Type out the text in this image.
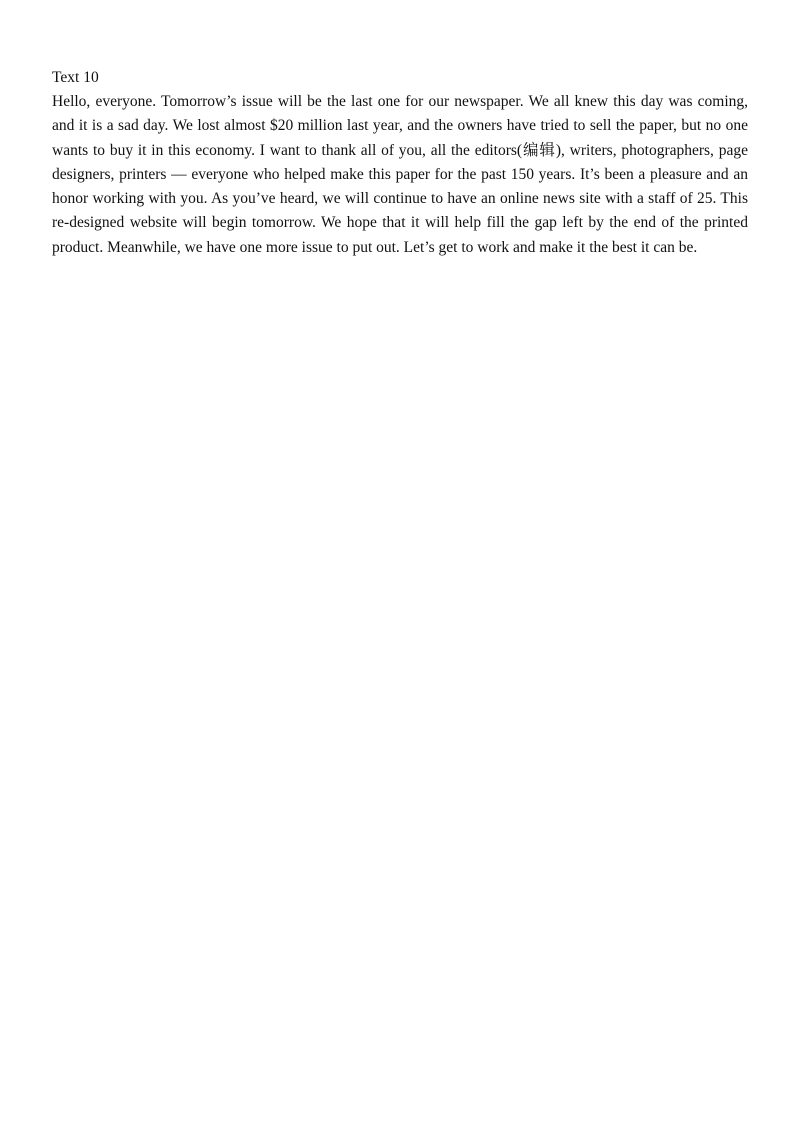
Text 10

Hello, everyone. Tomorrow’s issue will be the last one for our newspaper. We all knew this day was coming, and it is a sad day. We lost almost $20 million last year, and the owners have tried to sell the paper, but no one wants to buy it in this economy. I want to thank all of you, all the editors(编辑), writers, photographers, page designers, printers — everyone who helped make this paper for the past 150 years. It’s been a pleasure and an honor working with you. As you’ve heard, we will continue to have an online news site with a staff of 25. This re-designed website will begin tomorrow. We hope that it will help fill the gap left by the end of the printed product. Meanwhile, we have one more issue to put out. Let’s get to work and make it the best it can be.
